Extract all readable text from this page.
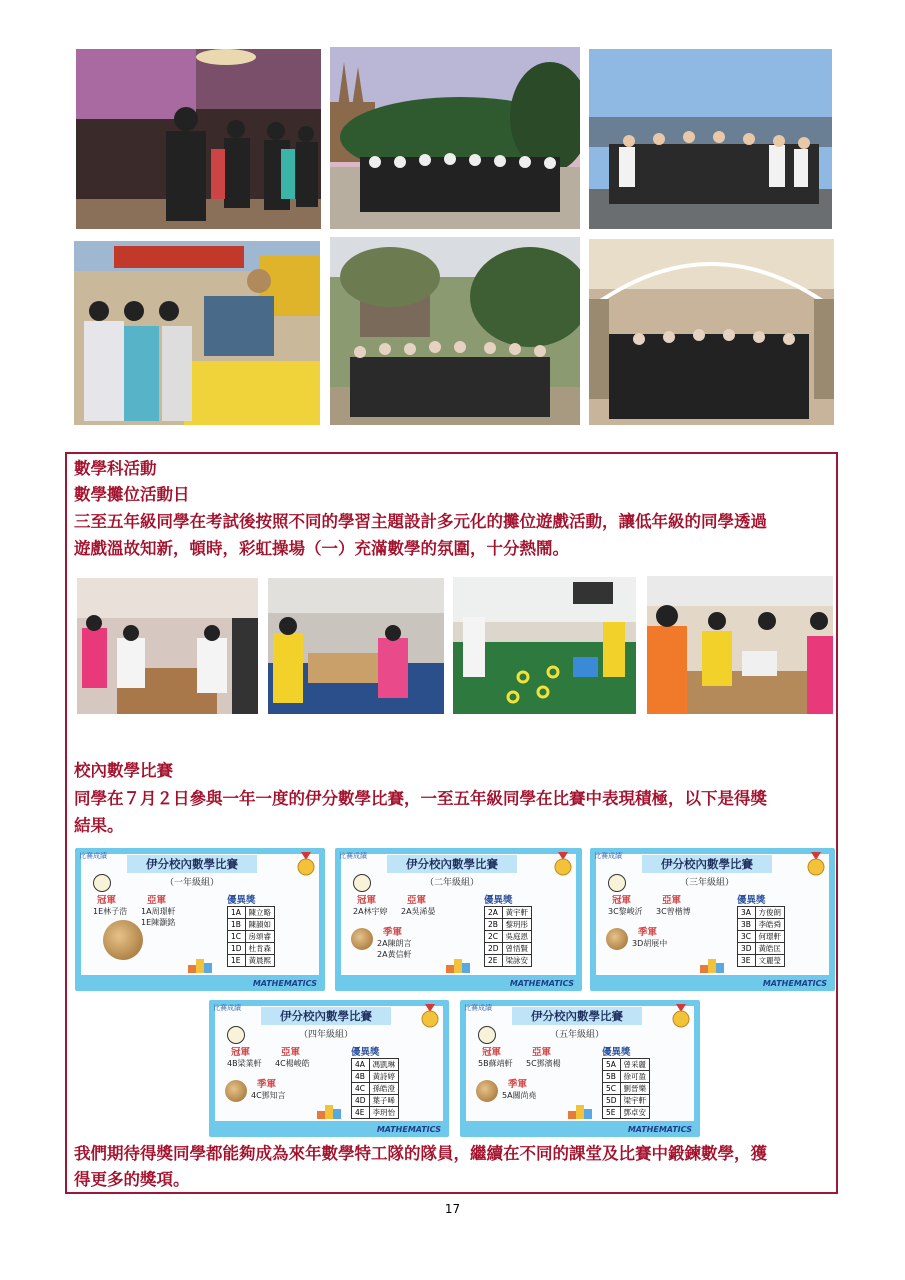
數學科活動
數學攤位活動日
三至五年級同學在考試後按照不同的學習主題設計多元化的攤位遊戲活動，讓低年級的同學透過
遊戲溫故知新，頓時，彩虹操場（一）充滿數學的氛圍，十分熱鬧。
校內數學比賽
同學在７月２日參與一年一度的伊分數學比賽，一至五年級同學在比賽中表現積極，以下是得獎
結果。
比賽成績
伊分校內數學比賽
（一年級組）
冠軍
1E林子浩
亞軍
1A周璟軒
1E陳灝銘
優異獎
1A	陳立略
1B	陳韻如
1C	房頌睿
1D	杜肯森
1E	黃晨熙
MATHEMATICS
比賽成績
伊分校內數學比賽
（二年級組）
冠軍
2A林宇婷
亞軍
2A吳浠晏
季軍
2A陳朗言
2A黃信軒
優異獎
2A	黃宇軒
2B	黎玥彤
2C	吳庭恩
2D	曾悟賢
2E	梁詠安
MATHEMATICS
比賽成績
伊分校內數學比賽
（三年級組）
冠軍
3C黎峻沂
亞軍
3C曾楷博
季軍
3D胡展中
優異獎
3A	方俊朗
3B	李皓舜
3C	何璟軒
3D	黃皓匡
3E	文麗瑩
MATHEMATICS
比賽成績
伊分校內數學比賽
（四年級組）
冠軍
4B梁業軒
亞軍
4C楊峻皓
季軍
4C鄧知言
優異獎
4A	馮凱琳
4B	黃詩婷
4C	孫皓澄
4D	葉子晞
4E	李玥怡
MATHEMATICS
比賽成績
伊分校內數學比賽
（五年級組）
冠軍
5B蘇靖軒
亞軍
5C鄧濱楊
季軍
5A關尚堯
優異獎
5A	曾采麗
5B	徐可盈
5C	劉晉樂
5D	梁宇軒
5E	鄧卓安
MATHEMATICS
我們期待得獎同學都能夠成為來年數學特工隊的隊員，繼續在不同的課堂及比賽中鍛鍊數學，獲
得更多的獎項。
17
